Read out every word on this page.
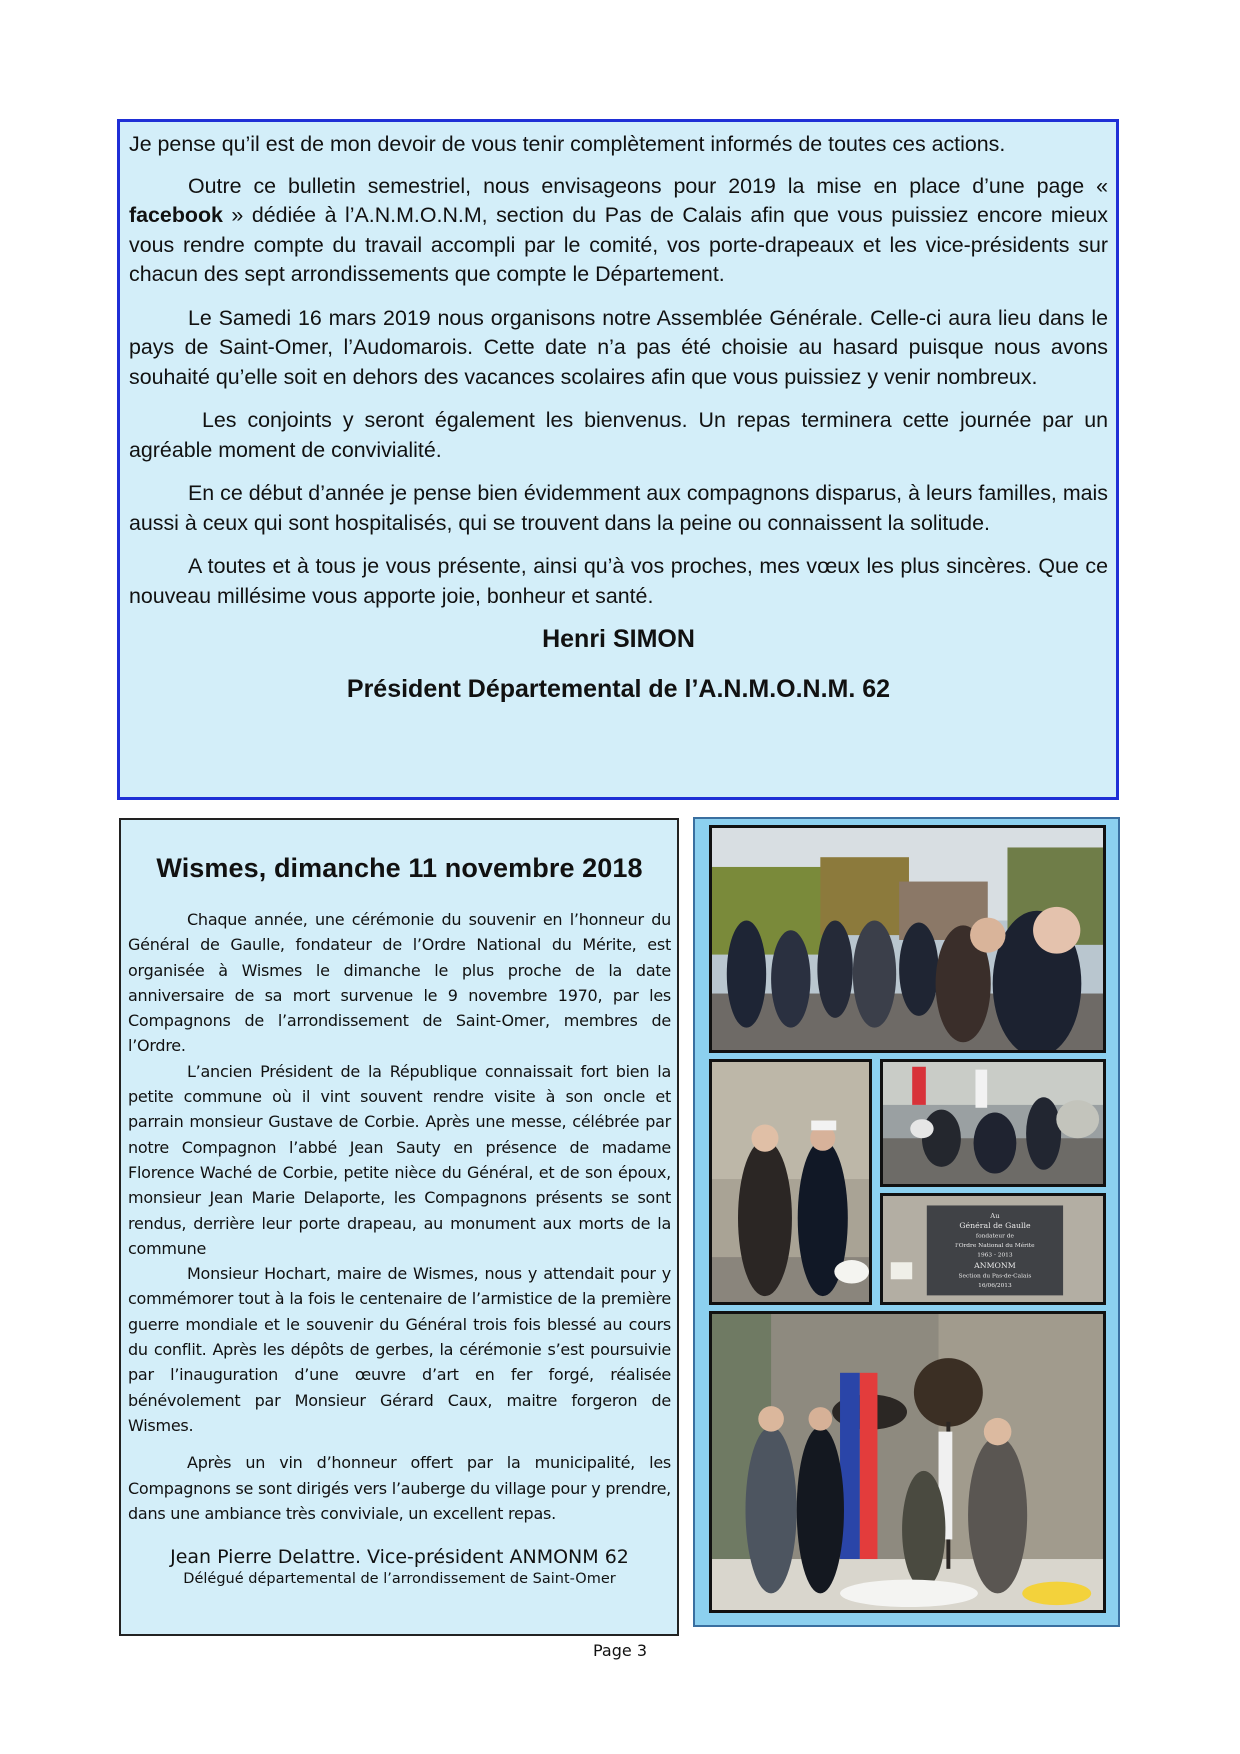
Je pense qu’il est de mon devoir de vous tenir complètement informés de toutes ces actions.

Outre ce bulletin semestriel, nous envisageons pour 2019 la mise en place d’une page « facebook » dédiée à l’A.N.M.O.N.M, section du Pas de Calais afin que vous puissiez encore mieux vous rendre compte du travail accompli par le comité, vos porte-drapeaux et les vice-présidents sur chacun des sept arrondissements que compte le Département.

Le Samedi 16 mars 2019 nous organisons notre Assemblée Générale. Celle-ci aura lieu dans le pays de Saint-Omer, l’Audomarois. Cette date n’a pas été choisie au hasard puisque nous avons souhaité qu’elle soit en dehors des vacances scolaires afin que vous puissiez y venir nombreux.

Les conjoints y seront également les bienvenus. Un repas terminera cette journée par un agréable moment de convivialité.

En ce début d’année je pense bien évidemment aux compagnons disparus, à leurs familles, mais aussi à ceux qui sont hospitalisés, qui se trouvent dans la peine ou connaissent la solitude.

A toutes et à tous je vous présente, ainsi qu’à vos proches, mes vœux les plus sincères. Que ce nouveau millésime vous apporte joie, bonheur et santé.

Henri SIMON
Président Départemental de l’A.N.M.O.N.M. 62
Wismes, dimanche 11 novembre 2018

Chaque année, une cérémonie du souvenir en l’honneur du Général de Gaulle, fondateur de l’Ordre National du Mérite, est organisée à Wismes le dimanche le plus proche de la date anniversaire de sa mort survenue le 9 novembre 1970, par les Compagnons de l’arrondissement de Saint-Omer, membres de l’Ordre.

L’ancien Président de la République connaissait fort bien la petite commune où il vint souvent rendre visite à son oncle et parrain monsieur Gustave de Corbie. Après une messe, célébrée par notre Compagnon l’abbé Jean Sauty en présence de madame Florence Waché de Corbie, petite nièce du Général, et de son époux, monsieur Jean Marie Delaporte, les Compagnons présents se sont rendus, derrière leur porte drapeau, au monument aux morts de la commune

Monsieur Hochart, maire de Wismes, nous y attendait pour y commémorer tout à la fois le centenaire de l’armistice de la première guerre mondiale et le souvenir du Général trois fois blessé au cours du conflit. Après les dépôts de gerbes, la cérémonie s’est poursuivie par l’inauguration d’une œuvre d’art en fer forgé, réalisée bénévolement par Monsieur Gérard Caux, maitre forgeron de Wismes.

Après un vin d’honneur offert par la municipalité, les Compagnons se sont dirigés vers l’auberge du village pour y prendre, dans une ambiance très conviviale, un excellent repas.

Jean Pierre Delattre. Vice-président ANMONM 62
Délégué départemental de l’arrondissement de Saint-Omer
Au
Général de Gaulle
fondateur de
l'Ordre National du Mérite
1963 - 2013
ANMONM
Section du Pas-de-Calais
16/06/2013
Page 3
